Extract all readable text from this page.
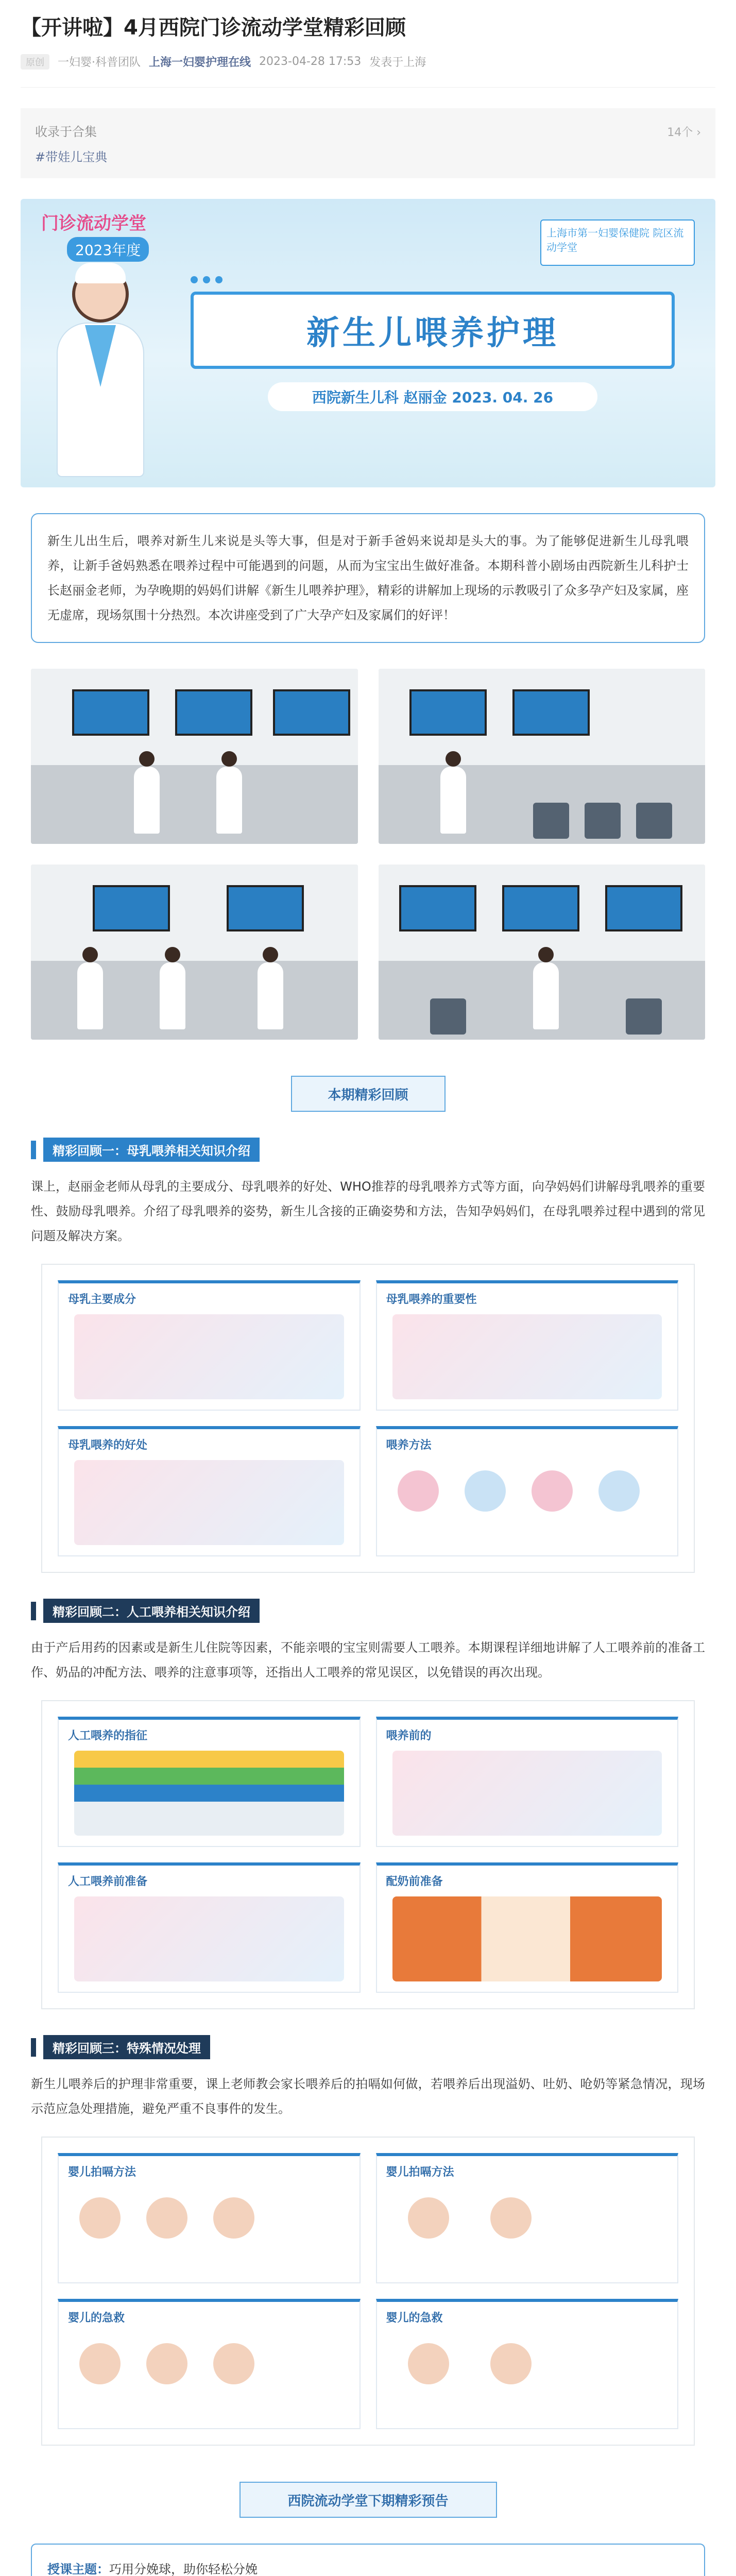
【开讲啦】4月西院门诊流动学堂精彩回顾
原创	一妇婴·科普团队 上海一妇婴护理在线 2023-04-28 17:53 发表于上海
收录于合集
#带娃儿宝典
14个 ›
门诊流动学堂
2023年度
上海市第一妇婴保健院 院区流动学堂
新生儿喂养护理
西院新生儿科 赵丽金 2023. 04. 26
新生儿出生后，喂养对新生儿来说是头等大事，但是对于新手爸妈来说却是头大的事。为了能够促进新生儿母乳喂养，让新手爸妈熟悉在喂养过程中可能遇到的问题，从而为宝宝出生做好准备。本期科普小剧场由西院新生儿科护士长赵丽金老师，为孕晚期的妈妈们讲解《新生儿喂养护理》，精彩的讲解加上现场的示教吸引了众多孕产妇及家属，座无虚席，现场氛围十分热烈。本次讲座受到了广大孕产妇及家属们的好评！
本期精彩回顾
精彩回顾一：母乳喂养相关知识介绍
课上，赵丽金老师从母乳的主要成分、母乳喂养的好处、WHO推荐的母乳喂养方式等方面，向孕妈妈们讲解母乳喂养的重要性、鼓励母乳喂养。介绍了母乳喂养的姿势，新生儿含接的正确姿势和方法，告知孕妈妈们，在母乳喂养过程中遇到的常见问题及解决方案。
母乳主要成分	母乳喂养的重要性
母乳喂养的好处	喂养方法
精彩回顾二：人工喂养相关知识介绍
由于产后用药的因素或是新生儿住院等因素，不能亲喂的宝宝则需要人工喂养。本期课程详细地讲解了人工喂养前的准备工作、奶品的冲配方法、喂养的注意事项等，还指出人工喂养的常见误区，以免错误的再次出现。
人工喂养的指征	喂养前的
人工喂养前准备	配奶前准备
精彩回顾三：特殊情况处理
新生儿喂养后的护理非常重要，课上老师教会家长喂养后的拍嗝如何做，若喂养后出现溢奶、吐奶、呛奶等紧急情况，现场示范应急处理措施，避免严重不良事件的发生。
婴儿拍嗝方法	婴儿拍嗝方法
婴儿的急救	婴儿的急救
西院流动学堂下期精彩预告
授课主题：巧用分娩球，助你轻松分娩
